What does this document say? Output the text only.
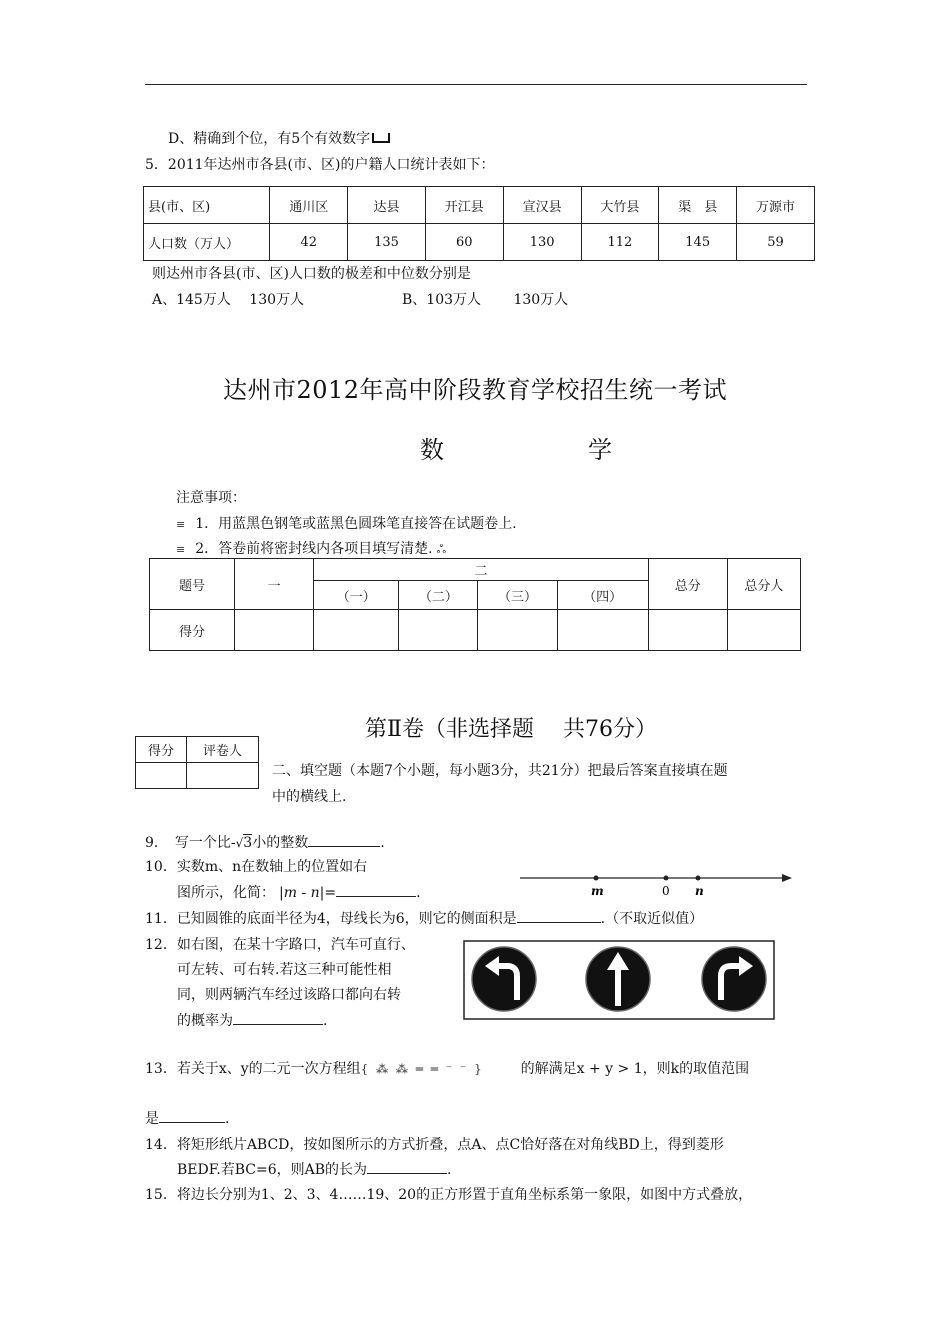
D、精确到个位，有5个有效数字
5．2011年达州市各县(市、区)的户籍人口统计表如下：
县(市、区)	通川区	达县	开江县	宣汉县	大竹县	渠　县	万源市
人口数（万人）	42	135	60	130	112	145	59
则达州市各县(市、区)人口数的极差和中位数分别是
A、145万人　 130万人	B、103万人　　 130万人
达州市2012年高中阶段教育学校招生统一考试
数　学
注意事项：
≡ 1．用蓝黑色钢笔或蓝黑色圆珠笔直接答在试题卷上.
≡ 2．答卷前将密封线内各项目填写清楚. ஃ
题号	一	二				总分	总分人
		（一）	（二）	（三）	（四）		
得分							
第Ⅱ卷（非选择题　 共76分）
得分	评卷人

二、填空题（本题7个小题，每小题3分，共21分）把最后答案直接填在题
中的横线上.
9．　写一个比-√3小的整数	.
10．实数m、n在数轴上的位置如右
图所示，化简： |m - n|=	.	m	0 n
11．已知圆锥的底面半径为4，母线长为6，则它的侧面积是	.（不取近似值）
12．如右图，在某十字路口，汽车可直行、
可左转、可右转.若这三种可能性相
同，则两辆汽车经过该路口都向右转
的概率为	.
13．若关于x、y的二元一次方程组{ ⁂ ⁂ ═ ═ ⁻ ⁻ }	的解满足x + y > 1，则k的取值范围
是	.
14．将矩形纸片ABCD，按如图所示的方式折叠，点A、点C恰好落在对角线BD上，得到菱形
BEDF.若BC=6，则AB的长为	.
15．将边长分别为1、2、3、4……19、20的正方形置于直角坐标系第一象限，如图中方式叠放，
